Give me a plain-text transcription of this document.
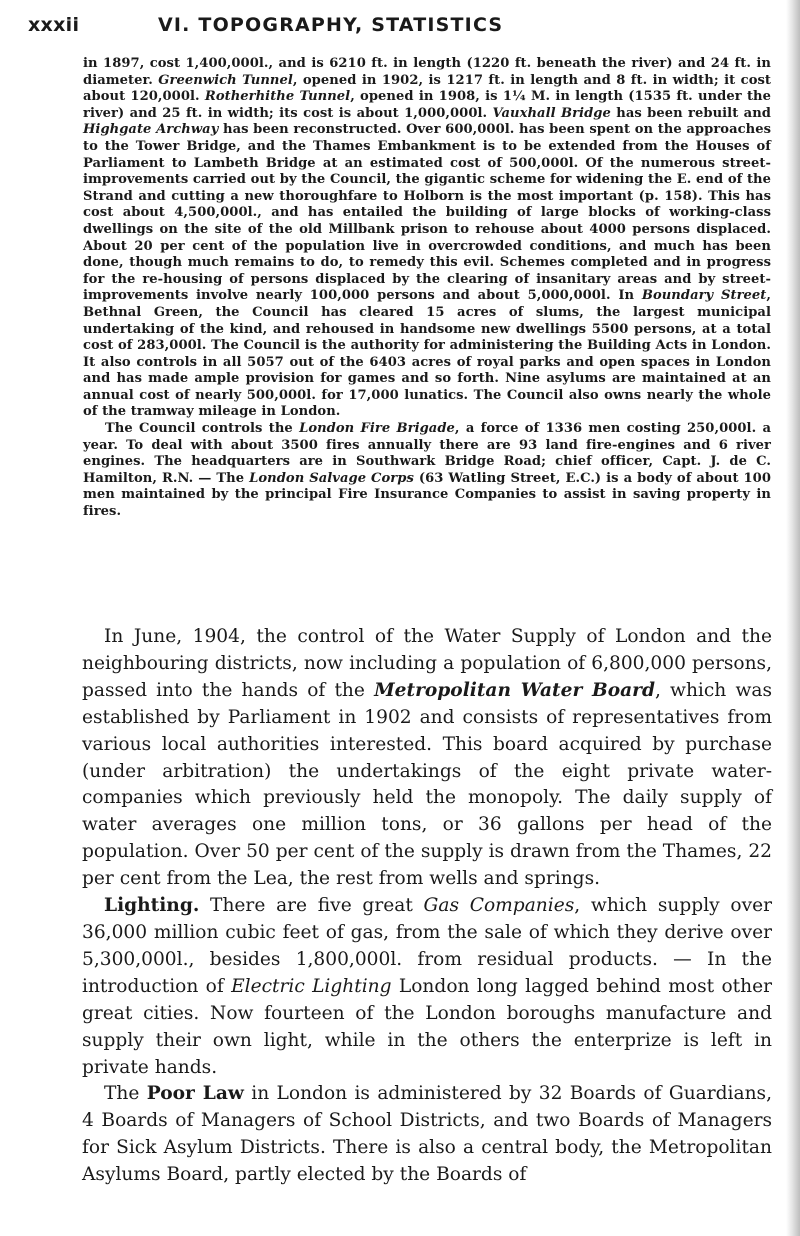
xxxii	VI. TOPOGRAPHY, STATISTICS

in 1897, cost 1,400,000l., and is 6210 ft. in length (1220 ft. beneath the river) and 24 ft. in diameter. Greenwich Tunnel, opened in 1902, is 1217 ft. in length and 8 ft. in width; it cost about 120,000l. Rotherhithe Tunnel, opened in 1908, is 1¼ M. in length (1535 ft. under the river) and 25 ft. in width; its cost is about 1,000,000l. Vauxhall Bridge has been rebuilt and Highgate Archway has been reconstructed. Over 600,000l. has been spent on the approaches to the Tower Bridge, and the Thames Embankment is to be extended from the Houses of Parliament to Lambeth Bridge at an estimated cost of 500,000l. Of the numerous street-improvements carried out by the Council, the gigantic scheme for widening the E. end of the Strand and cutting a new thoroughfare to Holborn is the most important (p. 158). This has cost about 4,500,000l., and has entailed the building of large blocks of working-class dwellings on the site of the old Millbank prison to rehouse about 4000 persons displaced. About 20 per cent of the population live in overcrowded conditions, and much has been done, though much remains to do, to remedy this evil. Schemes completed and in progress for the re-housing of persons displaced by the clearing of insanitary areas and by street-improvements involve nearly 100,000 persons and about 5,000,000l. In Boundary Street, Bethnal Green, the Council has cleared 15 acres of slums, the largest municipal undertaking of the kind, and rehoused in handsome new dwellings 5500 persons, at a total cost of 283,000l. The Council is the authority for administering the Building Acts in London. It also controls in all 5057 out of the 6403 acres of royal parks and open spaces in London and has made ample provision for games and so forth. Nine asylums are maintained at an annual cost of nearly 500,000l. for 17,000 lunatics. The Council also owns nearly the whole of the tramway mileage in London.

The Council controls the London Fire Brigade, a force of 1336 men costing 250,000l. a year. To deal with about 3500 fires annually there are 93 land fire-engines and 6 river engines. The headquarters are in Southwark Bridge Road; chief officer, Capt. J. de C. Hamilton, R.N. — The London Salvage Corps (63 Watling Street, E.C.) is a body of about 100 men maintained by the principal Fire Insurance Companies to assist in saving property in fires.

In June, 1904, the control of the Water Supply of London and the neighbouring districts, now including a population of 6,800,000 persons, passed into the hands of the Metropolitan Water Board, which was established by Parliament in 1902 and consists of representatives from various local authorities interested. This board acquired by purchase (under arbitration) the undertakings of the eight private water-companies which previously held the monopoly. The daily supply of water averages one million tons, or 36 gallons per head of the population. Over 50 per cent of the supply is drawn from the Thames, 22 per cent from the Lea, the rest from wells and springs.

Lighting. There are five great Gas Companies, which supply over 36,000 million cubic feet of gas, from the sale of which they derive over 5,300,000l., besides 1,800,000l. from residual products. — In the introduction of Electric Lighting London long lagged behind most other great cities. Now fourteen of the London boroughs manufacture and supply their own light, while in the others the enterprize is left in private hands.

The Poor Law in London is administered by 32 Boards of Guardians, 4 Boards of Managers of School Districts, and two Boards of Managers for Sick Asylum Districts. There is also a central body, the Metropolitan Asylums Board, partly elected by the Boards of
